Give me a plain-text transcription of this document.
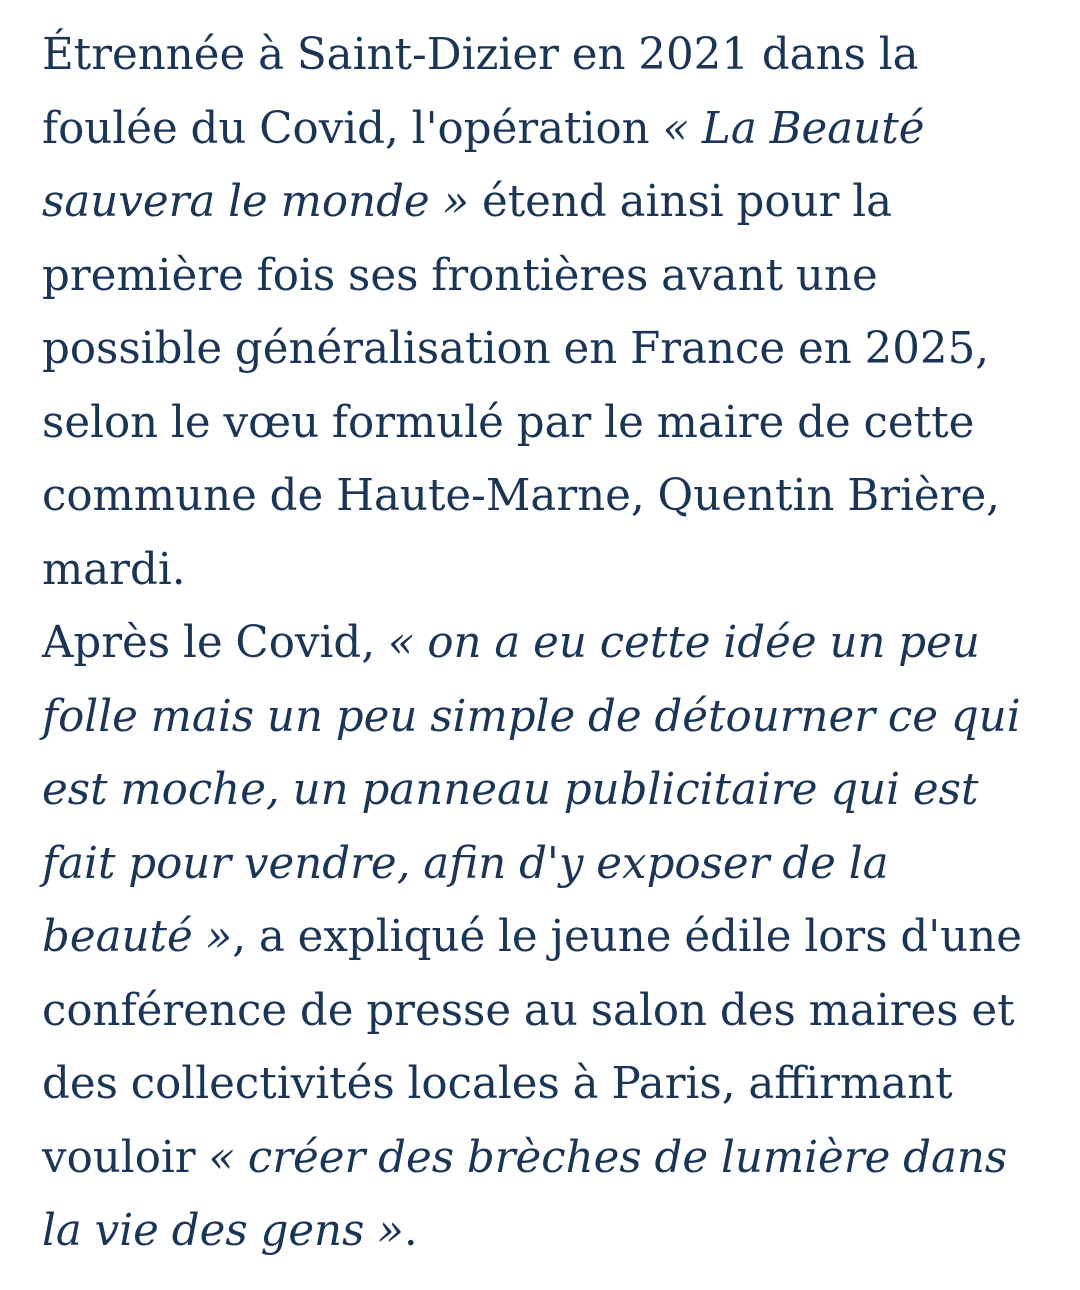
Étrennée à Saint-Dizier en 2021 dans la foulée du Covid, l'opération « La Beauté sauvera le monde » étend ainsi pour la première fois ses frontières avant une possible généralisation en France en 2025, selon le vœu formulé par le maire de cette commune de Haute-Marne, Quentin Brière, mardi.

Après le Covid, « on a eu cette idée un peu folle mais un peu simple de détourner ce qui est moche, un panneau publicitaire qui est fait pour vendre, afin d'y exposer de la beauté », a expliqué le jeune édile lors d'une conférence de presse au salon des maires et des collectivités locales à Paris, affirmant vouloir « créer des brèches de lumière dans la vie des gens ».
